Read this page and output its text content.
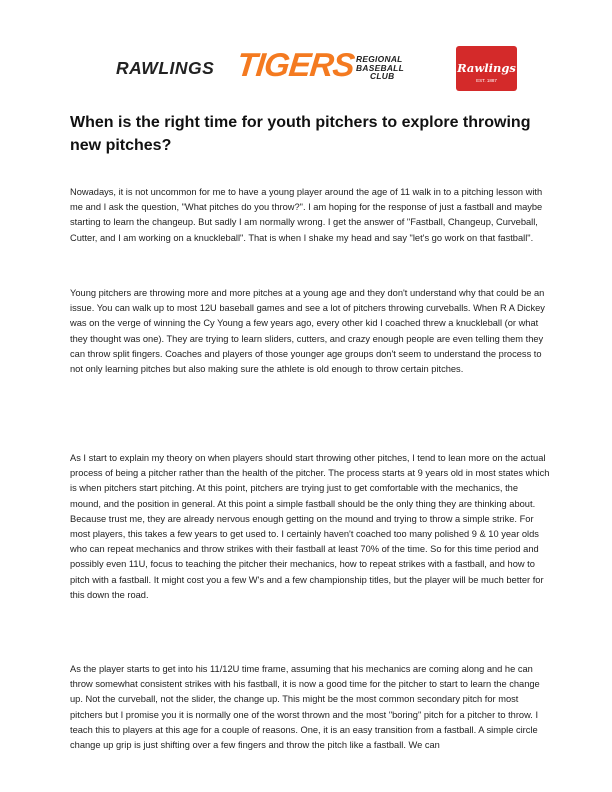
RAWLINGS TIGERS REGIONAL
BASEBALL
CLUB
Rawlings
EST. 1887
When is the right time for youth pitchers to explore throwing new pitches?

Nowadays, it is not uncommon for me to have a young player around the age of 11 walk in to a pitching lesson with me and I ask the question, "What pitches do you throw?". I am hoping for the response of just a fastball and maybe starting to learn the changeup. But sadly I am normally wrong. I get the answer of "Fastball, Changeup, Curveball, Cutter, and I am working on a knuckleball". That is when I shake my head and say "let's go work on that fastball".

Young pitchers are throwing more and more pitches at a young age and they don't understand why that could be an issue. You can walk up to most 12U baseball games and see a lot of pitchers throwing curveballs. When R A Dickey was on the verge of winning the Cy Young a few years ago, every other kid I coached threw a knuckleball (or what they thought was one). They are trying to learn sliders, cutters, and crazy enough people are even telling them they can throw split fingers. Coaches and players of those younger age groups don't seem to understand the process to not only learning pitches but also making sure the athlete is old enough to throw certain pitches.

As I start to explain my theory on when players should start throwing other pitches, I tend to lean more on the actual process of being a pitcher rather than the health of the pitcher. The process starts at 9 years old in most states which is when pitchers start pitching. At this point, pitchers are trying just to get comfortable with the mechanics, the mound, and the position in general. At this point a simple fastball should be the only thing they are thinking about. Because trust me, they are already nervous enough getting on the mound and trying to throw a simple strike. For most players, this takes a few years to get used to. I certainly haven't coached too many polished 9 & 10 year olds who can repeat mechanics and throw strikes with their fastball at least 70% of the time. So for this time period and possibly even 11U, focus to teaching the pitcher their mechanics, how to repeat strikes with a fastball, and how to pitch with a fastball. It might cost you a few W's and a few championship titles, but the player will be much better for this down the road.

As the player starts to get into his 11/12U time frame, assuming that his mechanics are coming along and he can throw somewhat consistent strikes with his fastball, it is now a good time for the pitcher to start to learn the change up. Not the curveball, not the slider, the change up. This might be the most common secondary pitch for most pitchers but I promise you it is normally one of the worst thrown and the most "boring" pitch for a pitcher to throw. I teach this to players at this age for a couple of reasons. One, it is an easy transition from a fastball. A simple circle change up grip is just shifting over a few fingers and throw the pitch like a fastball. We can
